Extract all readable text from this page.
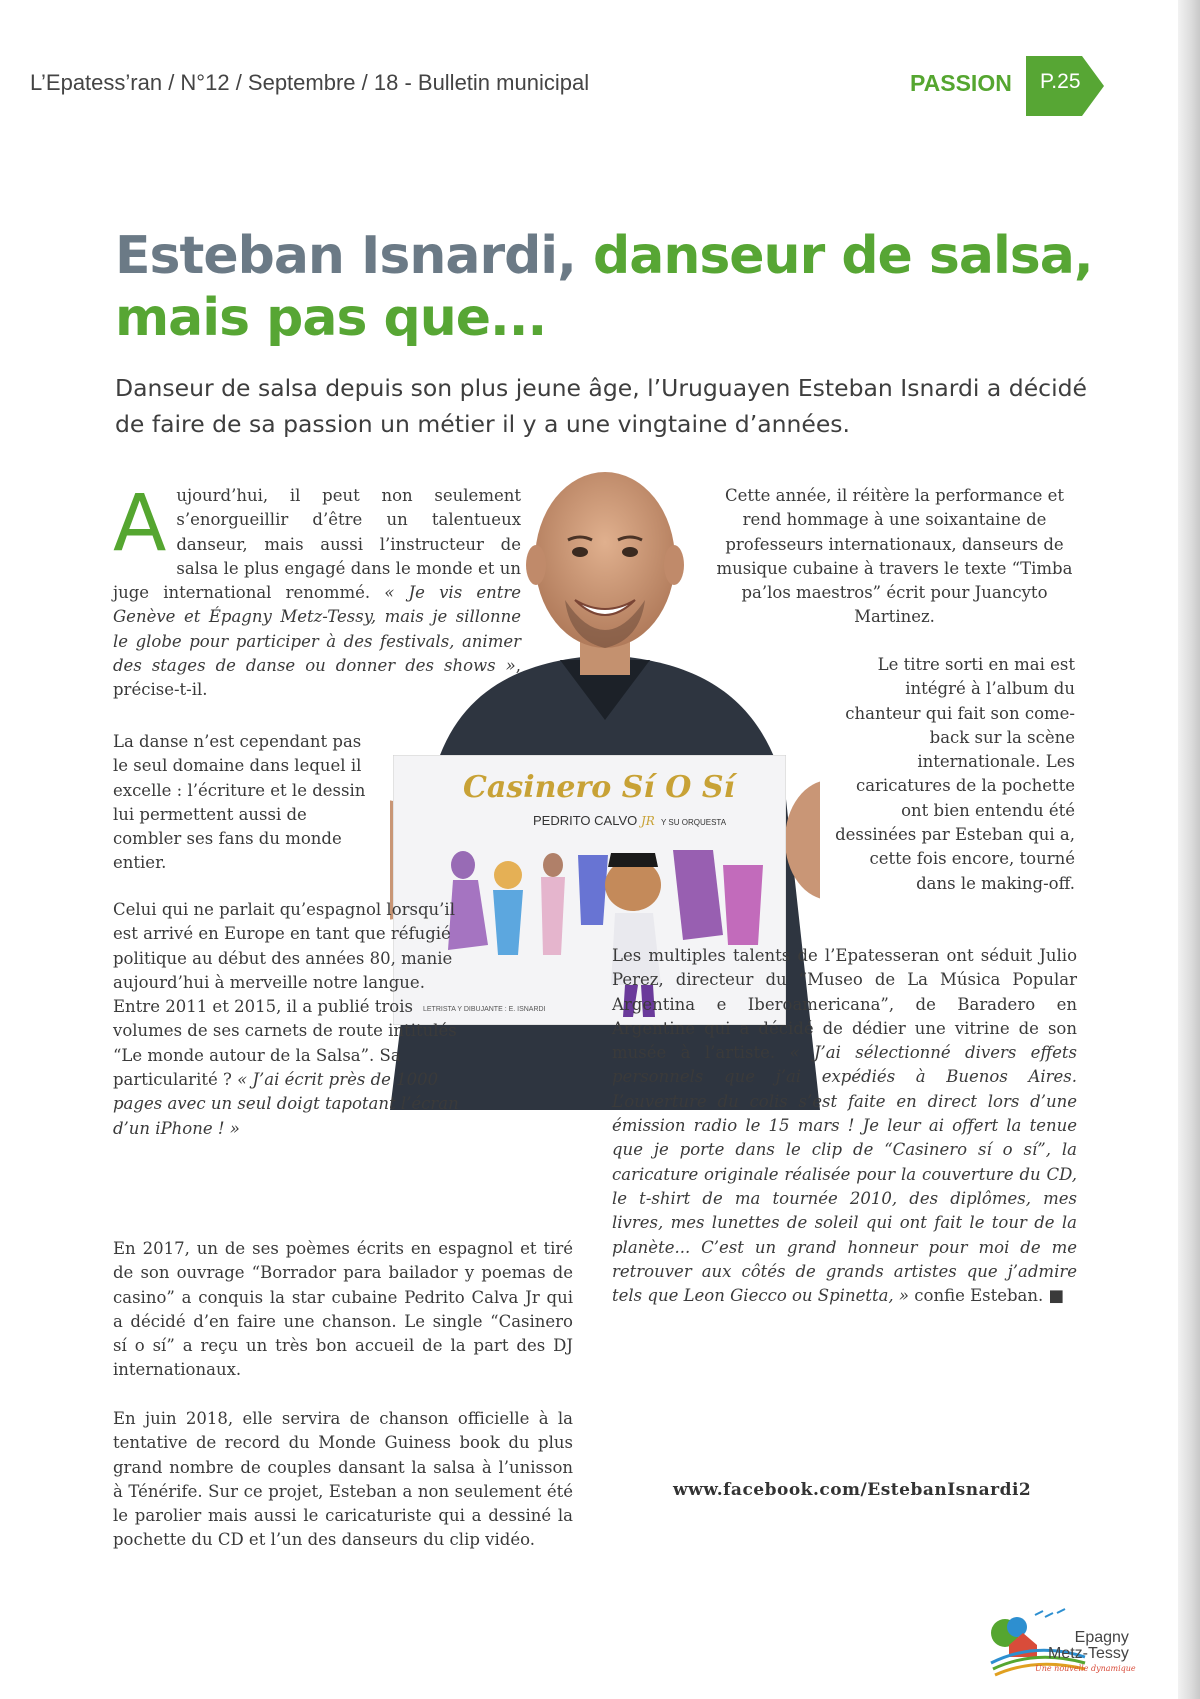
L’Epatess’ran / N°12 / Septembre / 18 - Bulletin municipal	PASSION P.25
Esteban Isnardi, danseur de salsa,
mais pas que...

Danseur de salsa depuis son plus jeune âge, l’Uruguayen Esteban Isnardi a décidé de faire de sa passion un métier il y a une vingtaine d’années.

Casinero Sí O Sí
PEDRITO CALVO JR Y SU ORQUESTA
LETRISTA Y DIBUJANTE : E. ISNARDI
A ujourd’hui, il peut non seulement s’enorgueillir d’être un talentueux danseur, mais aussi l’instructeur de salsa le plus engagé dans le monde et un juge international renommé. « Je vis entre Genève et Épagny Metz-Tessy, mais je sillonne le globe pour participer à des festivals, animer des stages de danse ou donner des shows », précise-t-il.
La danse n’est cependant pas le seul domaine dans lequel il excelle : l’écriture et le dessin lui permettent aussi de combler ses fans du monde entier.
Celui qui ne parlait qu’espagnol lorsqu’il est arrivé en Europe en tant que réfugié politique au début des années 80, manie aujourd’hui à merveille notre langue. Entre 2011 et 2015, il a publié trois volumes de ses carnets de route intitulés “Le monde autour de la Salsa”. Sa particularité ? « J’ai écrit près de 1000 pages avec un seul doigt tapotant l’écran d’un iPhone ! »
En 2017, un de ses poèmes écrits en espagnol et tiré de son ouvrage “Borrador para bailador y poemas de casino” a conquis la star cubaine Pedrito Calva Jr qui a décidé d’en faire une chanson. Le single “Casinero sí o sí” a reçu un très bon accueil de la part des DJ internationaux.
En juin 2018, elle servira de chanson officielle à la tentative de record du Monde Guiness book du plus grand nombre de couples dansant la salsa à l’unisson à Ténérife. Sur ce projet, Esteban a non seulement été le parolier mais aussi le caricaturiste qui a dessiné la pochette du CD et l’un des danseurs du clip vidéo.
Cette année, il réitère la performance et rend hommage à une soixantaine de professeurs internationaux, danseurs de musique cubaine à travers le texte “Timba pa’los maestros” écrit pour Juancyto Martinez.
Le titre sorti en mai est intégré à l’album du chanteur qui fait son come-back sur la scène internationale. Les caricatures de la pochette ont bien entendu été dessinées par Esteban qui a, cette fois encore, tourné dans le making-off.
Les multiples talents de l’Epatesseran ont séduit Julio Perez, directeur du “Museo de La Música Popular Argentina e Iberoamericana”, de Baradero en Argentine qui a décidé de dédier une vitrine de son musée à l’artiste. « J’ai sélectionné divers effets personnels que j’ai expédiés à Buenos Aires. L’ouverture du colis s’est faite en direct lors d’une émission radio le 15 mars ! Je leur ai offert la tenue que je porte dans le clip de “Casinero sí o sí”, la caricature originale réalisée pour la couverture du CD, le t-shirt de ma tournée 2010, des diplômes, mes livres, mes lunettes de soleil qui ont fait le tour de la planète... C’est un grand honneur pour moi de me retrouver aux côtés de grands artistes que j’admire tels que Leon Giecco ou Spinetta, » confie Esteban. ■
www.facebook.com/EstebanIsnardi2
Epagny
Metz-Tessy
Une nouvelle dynamique
